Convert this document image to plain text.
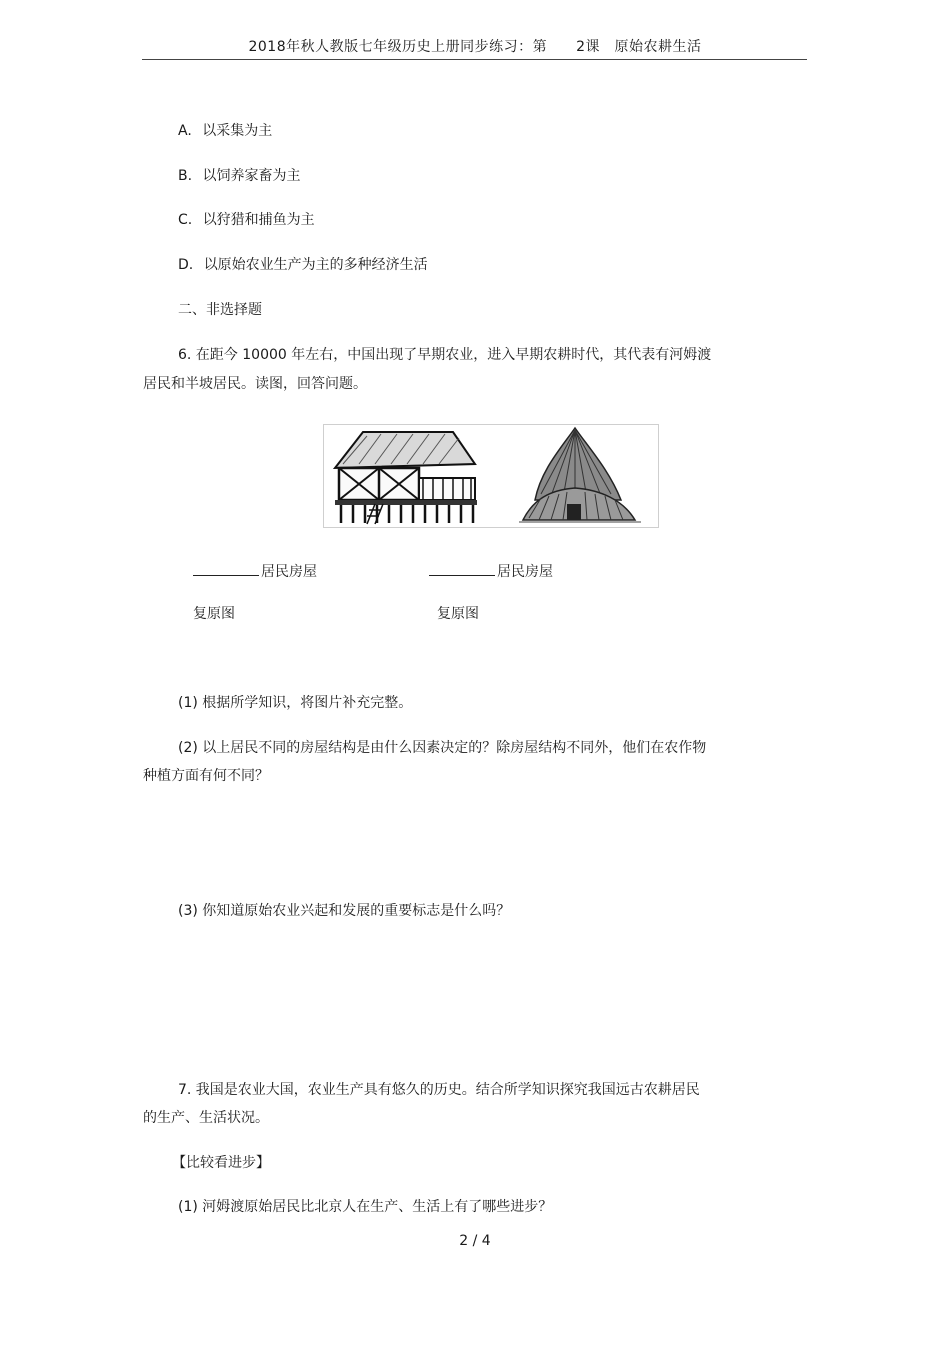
2018年秋人教版七年级历史上册同步练习：第　　2课　原始农耕生活
A. 以采集为主
B. 以饲养家畜为主
C. 以狩猎和捕鱼为主
D. 以原始农业生产为主的多种经济生活
二、非选择题
6. 在距今 10000 年左右，中国出现了早期农业，进入早期农耕时代，其代表有河姆渡
居民和半坡居民。读图，回答问题。
居民房屋	居民房屋
复原图	复原图
(1) 根据所学知识，将图片补充完整。
(2) 以上居民不同的房屋结构是由什么因素决定的？除房屋结构不同外，他们在农作物
种植方面有何不同？
(3) 你知道原始农业兴起和发展的重要标志是什么吗？
7. 我国是农业大国，农业生产具有悠久的历史。结合所学知识探究我国远古农耕居民
的生产、生活状况。
【比较看进步】
(1) 河姆渡原始居民比北京人在生产、生活上有了哪些进步？
2 / 4
